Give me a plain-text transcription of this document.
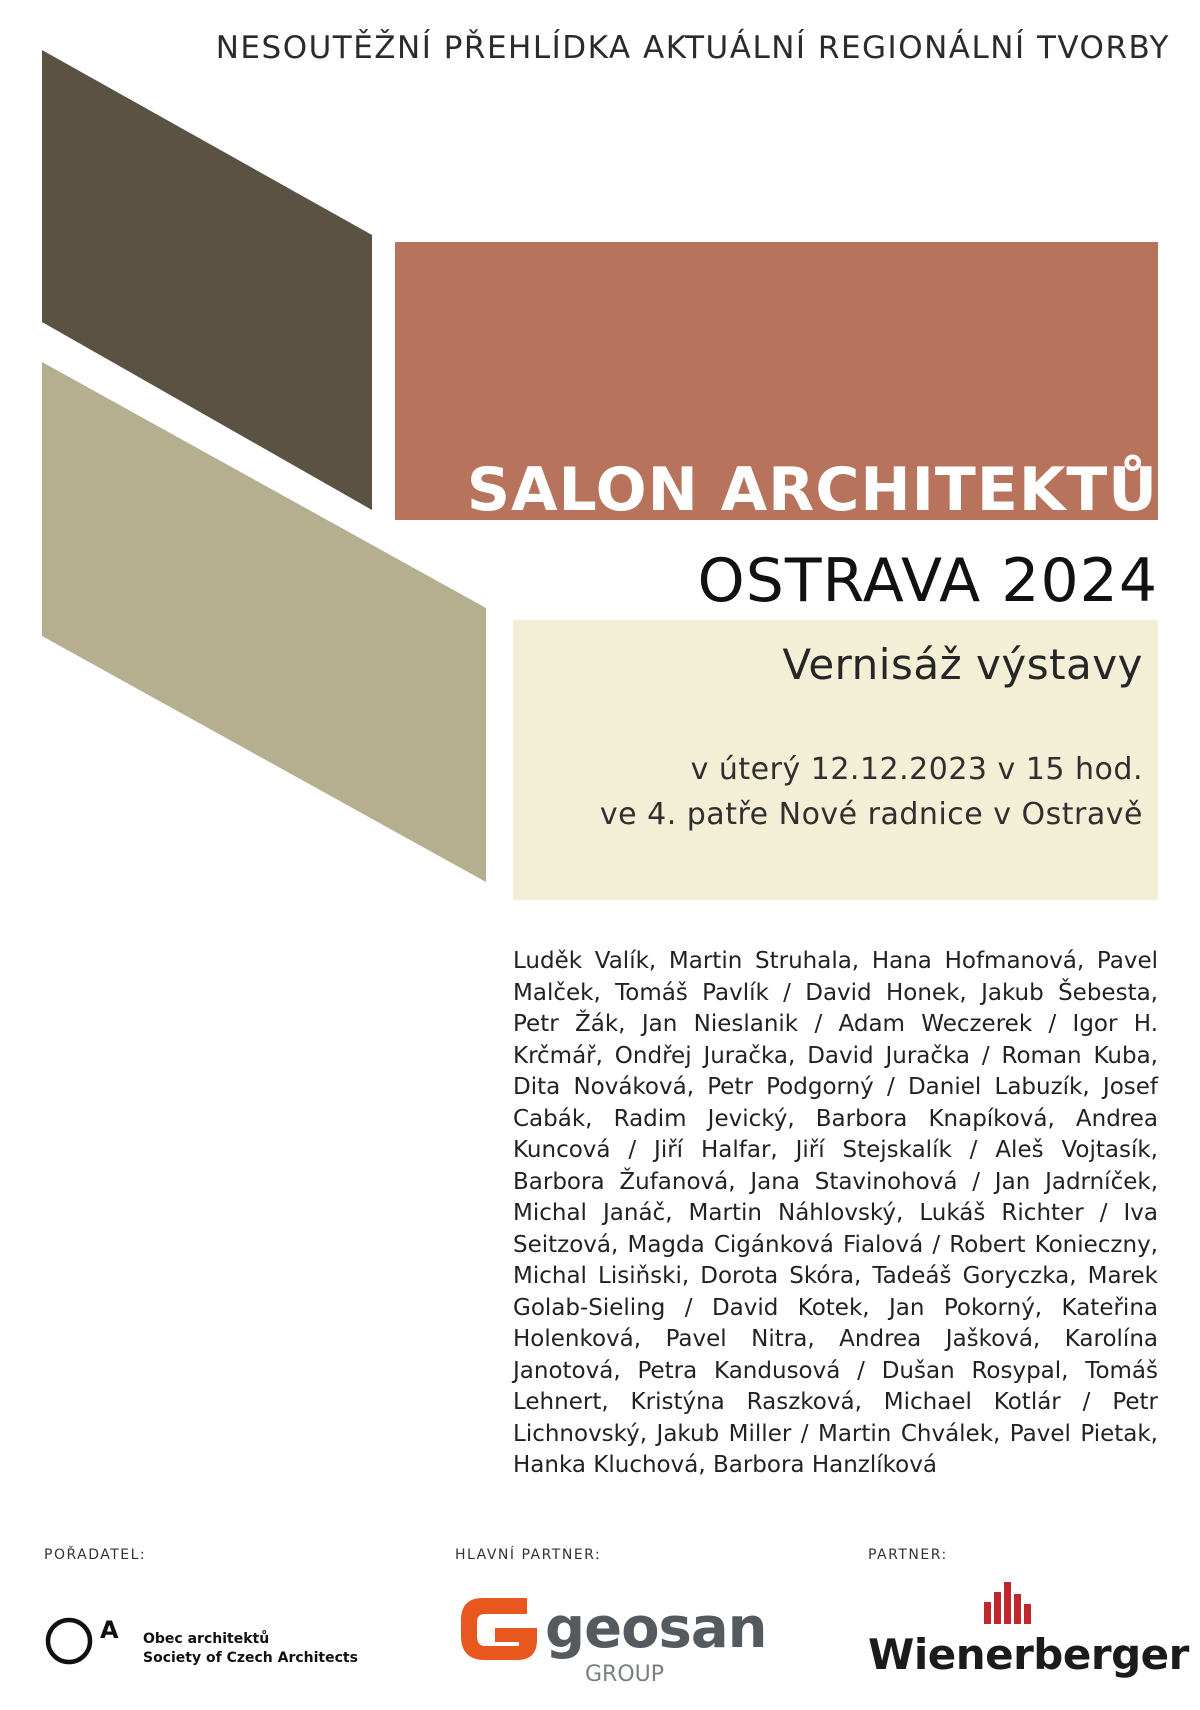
NESOUTĚŽNÍ PŘEHLÍDKA AKTUÁLNÍ REGIONÁLNÍ TVORBY
SALON ARCHITEKTŮ
OSTRAVA 2024
Vernisáž výstavy
v úterý 12.12.2023 v 15 hod.
ve 4. patře Nové radnice v Ostravě
Luděk Valík, Martin Struhala, Hana Hofmanová, Pavel Malček, Tomáš Pavlík / David Honek, Jakub Šebesta, Petr Žák, Jan Nieslanik / Adam Weczerek / Igor H. Krčmář, Ondřej Juračka, David Juračka / Roman Kuba, Dita Nováková, Petr Podgorný / Daniel Labuzík, Josef Cabák, Radim Jevický, Barbora Knapíková, Andrea Kuncová / Jiří Halfar, Jiří Stejskalík / Aleš Vojtasík, Barbora Žufanová, Jana Stavinohová / Jan Jadrníček, Michal Janáč, Martin Náhlovský, Lukáš Richter / Iva Seitzová, Magda Cigánková Fialová / Robert Konieczny, Michal Lisiňski, Dorota Skóra, Tadeáš Goryczka, Marek Golab-Sieling / David Kotek, Jan Pokorný, Kateřina Holenková, Pavel Nitra, Andrea Jašková, Karolína Janotová, Petra Kandusová / Dušan Rosypal, Tomáš Lehnert, Kristýna Raszková, Michael Kotlár / Petr Lichnovský, Jakub Miller / Martin Chválek, Pavel Pietak, Hanka Kluchová, Barbora Hanzlíková
POŘADATEL:	HLAVNÍ PARTNER:	PARTNER:
A Obec architektů
Society of Czech Architects	geosan
GROUP	Wienerberger
